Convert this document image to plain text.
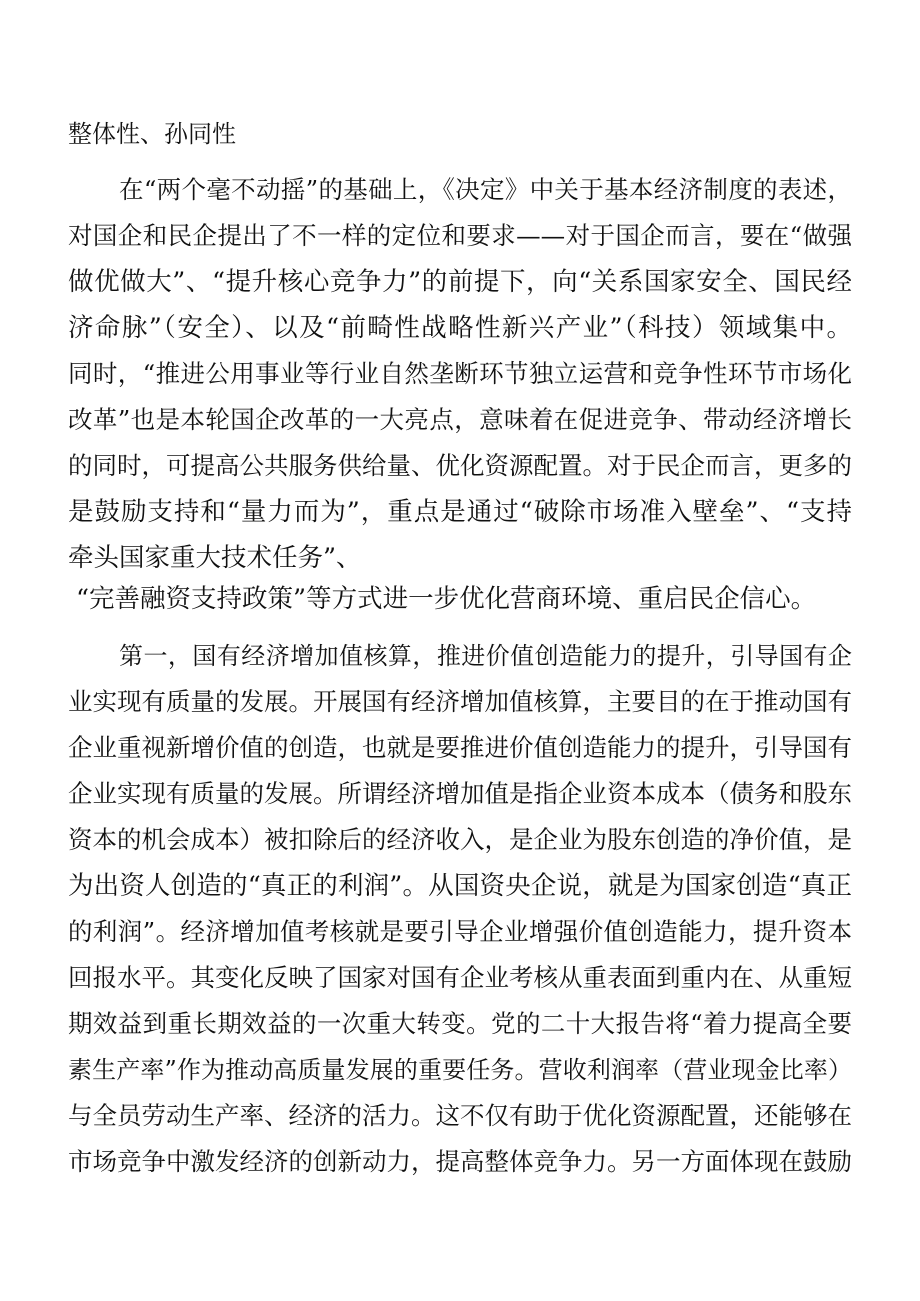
整体性、孙同性

在“两个毫不动摇”的基础上，《决定》中关于基本经济制度的表述，

对国企和民企提出了不一样的定位和要求——对于国企而言，要在“做强

做优做大”、“提升核心竞争力”的前提下，向“关系国家安全、国民经

济命脉”（安全）、以及“前畸性战略性新兴产业”（科技）领域集中。

同时，“推进公用事业等行业自然垄断环节独立运营和竞争性环节市场化

改革”也是本轮国企改革的一大亮点，意味着在促进竞争、带动经济增长

的同时，可提高公共服务供给量、优化资源配置。对于民企而言，更多的

是鼓励支持和“量力而为”，重点是通过“破除市场准入壁垒”、“支持

牵头国家重大技术任务”、

“完善融资支持政策”等方式进一步优化营商环境、重启民企信心。

第一，国有经济增加值核算，推进价值创造能力的提升，引导国有企

业实现有质量的发展。开展国有经济增加值核算，主要目的在于推动国有

企业重视新增价值的创造，也就是要推进价值创造能力的提升，引导国有

企业实现有质量的发展。所谓经济增加值是指企业资本成本（债务和股东

资本的机会成本）被扣除后的经济收入，是企业为股东创造的净价值，是

为出资人创造的“真正的利润”。从国资央企说，就是为国家创造“真正

的利润”。经济增加值考核就是要引导企业增强价值创造能力，提升资本

回报水平。其变化反映了国家对国有企业考核从重表面到重内在、从重短

期效益到重长期效益的一次重大转变。党的二十大报告将“着力提高全要

素生产率”作为推动高质量发展的重要任务。营收利润率（营业现金比率）

与全员劳动生产率、经济的活力。这不仅有助于优化资源配置，还能够在

市场竞争中激发经济的创新动力，提高整体竞争力。另一方面体现在鼓励
